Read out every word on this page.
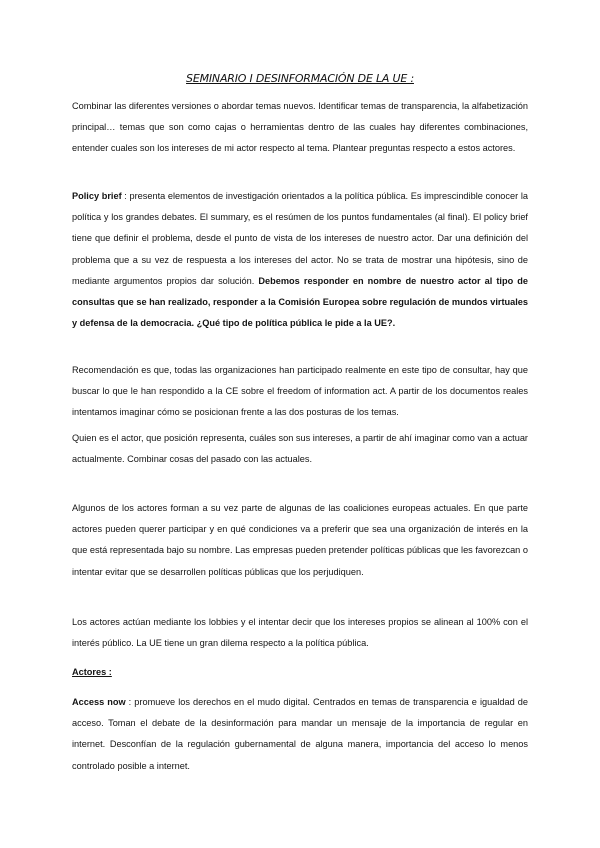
SEMINARIO I DESINFORMACIÓN DE LA UE :
Combinar las diferentes versiones o abordar temas nuevos. Identificar temas de transparencia, la alfabetización principal… temas que son como cajas o herramientas dentro de las cuales hay diferentes combinaciones, entender cuales son los intereses de mi actor respecto al tema. Plantear preguntas respecto a estos actores.
Policy brief : presenta elementos de investigación orientados a la política pública. Es imprescindible conocer la política y los grandes debates. El summary, es el resúmen de los puntos fundamentales (al final). El policy brief tiene que definir el problema, desde el punto de vista de los intereses de nuestro actor. Dar una definición del problema que a su vez de respuesta a los intereses del actor. No se trata de mostrar una hipótesis, sino de mediante argumentos propios dar solución. Debemos responder en nombre de nuestro actor al tipo de consultas que se han realizado, responder a la Comisión Europea sobre regulación de mundos virtuales y defensa de la democracia. ¿Qué tipo de política pública le pide a la UE?.
Recomendación es que, todas las organizaciones han participado realmente en este tipo de consultar, hay que buscar lo que le han respondido a la CE sobre el freedom of information act. A partir de los documentos reales intentamos imaginar cómo se posicionan frente a las dos posturas de los temas.
Quien es el actor, que posición representa, cuáles son sus intereses, a partir de ahí imaginar como van a actuar actualmente. Combinar cosas del pasado con las actuales.
Algunos de los actores forman a su vez parte de algunas de las coaliciones europeas actuales. En que parte actores pueden querer participar y en qué condiciones va a preferir que sea una organización de interés en la que está representada bajo su nombre. Las empresas pueden pretender políticas públicas que les favorezcan o intentar evitar que se desarrollen políticas públicas que los perjudiquen.
Los actores actúan mediante los lobbies y el intentar decir que los intereses propios se alinean al 100% con el interés público. La UE tiene un gran dilema respecto a la política pública.
Actores :
Access now : promueve los derechos en el mudo digital. Centrados en temas de transparencia e igualdad de acceso. Toman el debate de la desinformación para mandar un mensaje de la importancia de regular en internet. Desconfían de la regulación gubernamental de alguna manera, importancia del acceso lo menos controlado posible a internet.
